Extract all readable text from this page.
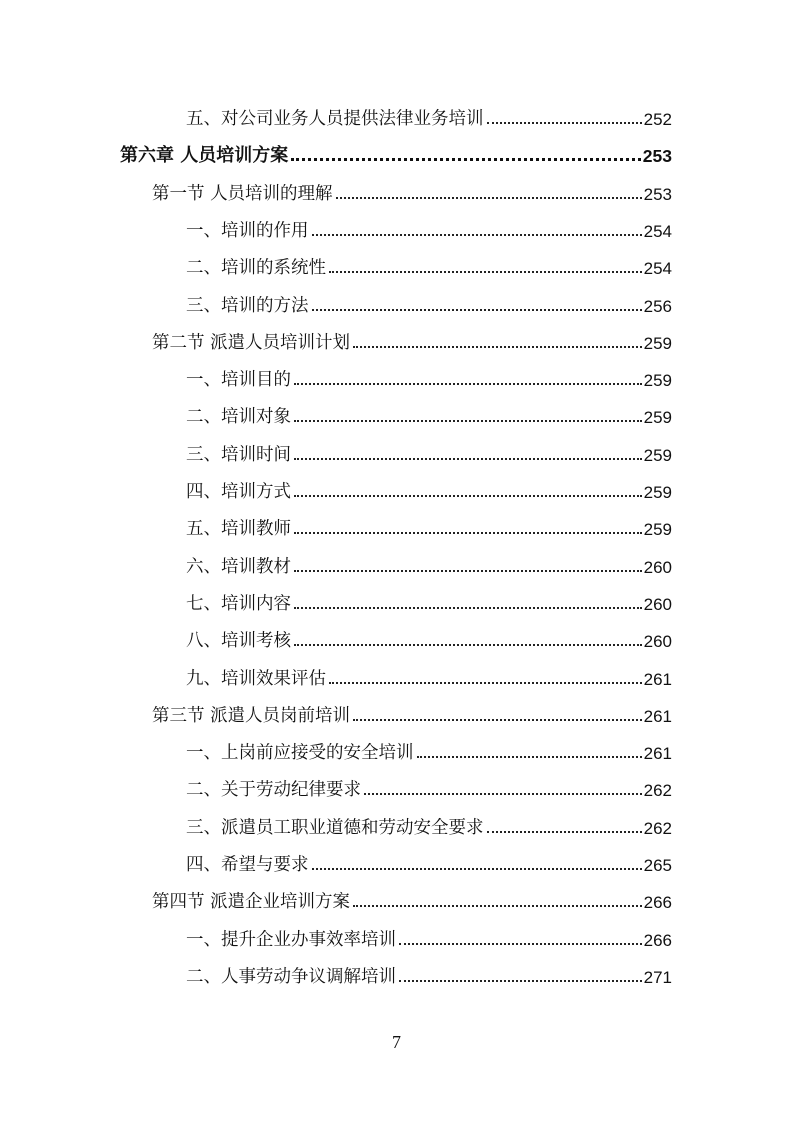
五、对公司业务人员提供法律业务培训	252
第六章 人员培训方案	253
第一节 人员培训的理解	253
一、培训的作用	254
二、培训的系统性	254
三、培训的方法	256
第二节 派遣人员培训计划	259
一、培训目的	259
二、培训对象	259
三、培训时间	259
四、培训方式	259
五、培训教师	259
六、培训教材	260
七、培训内容	260
八、培训考核	260
九、培训效果评估	261
第三节 派遣人员岗前培训	261
一、上岗前应接受的安全培训	261
二、关于劳动纪律要求	262
三、派遣员工职业道德和劳动安全要求	262
四、希望与要求	265
第四节 派遣企业培训方案	266
一、提升企业办事效率培训	266
二、人事劳动争议调解培训	271
7
